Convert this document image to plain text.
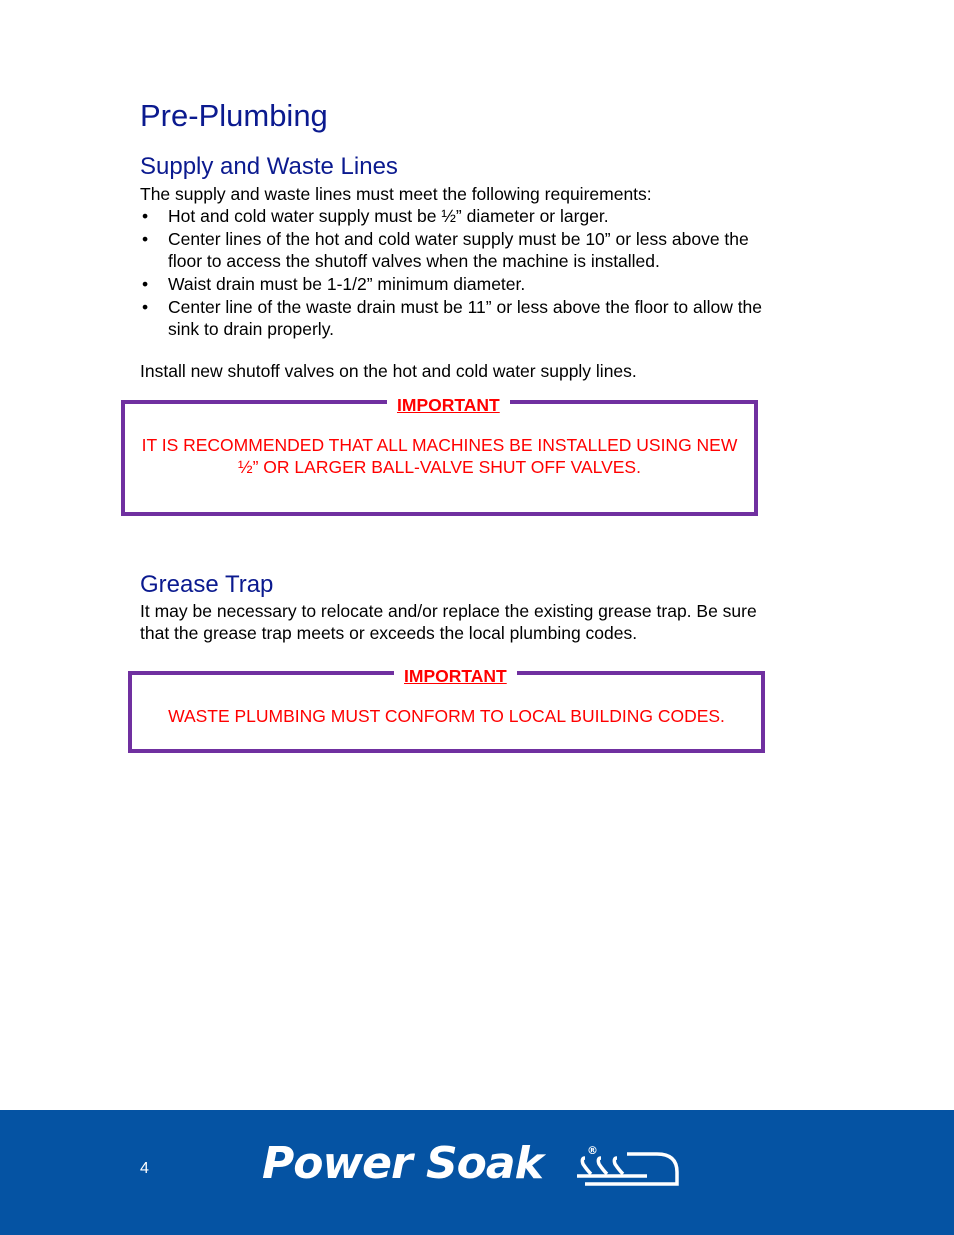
Pre-Plumbing
Supply and Waste Lines

The supply and waste lines must meet the following requirements:

• Hot and cold water supply must be ½” diameter or larger.
• Center lines of the hot and cold water supply must be 10” or less above the floor to access the shutoff valves when the machine is installed.
• Waist drain must be 1-1/2” minimum diameter.
• Center line of the waste drain must be 11” or less above the floor to allow the sink to drain properly.

Install new shutoff valves on the hot and cold water supply lines.

IMPORTANT
IT IS RECOMMENDED THAT ALL MACHINES BE INSTALLED USING NEW ½” OR LARGER BALL-VALVE SHUT OFF VALVES.
Grease Trap

It may be necessary to relocate and/or replace the existing grease trap. Be sure that the grease trap meets or exceeds the local plumbing codes.

IMPORTANT
WASTE PLUMBING MUST CONFORM TO LOCAL BUILDING CODES.
4	Power Soak	®
